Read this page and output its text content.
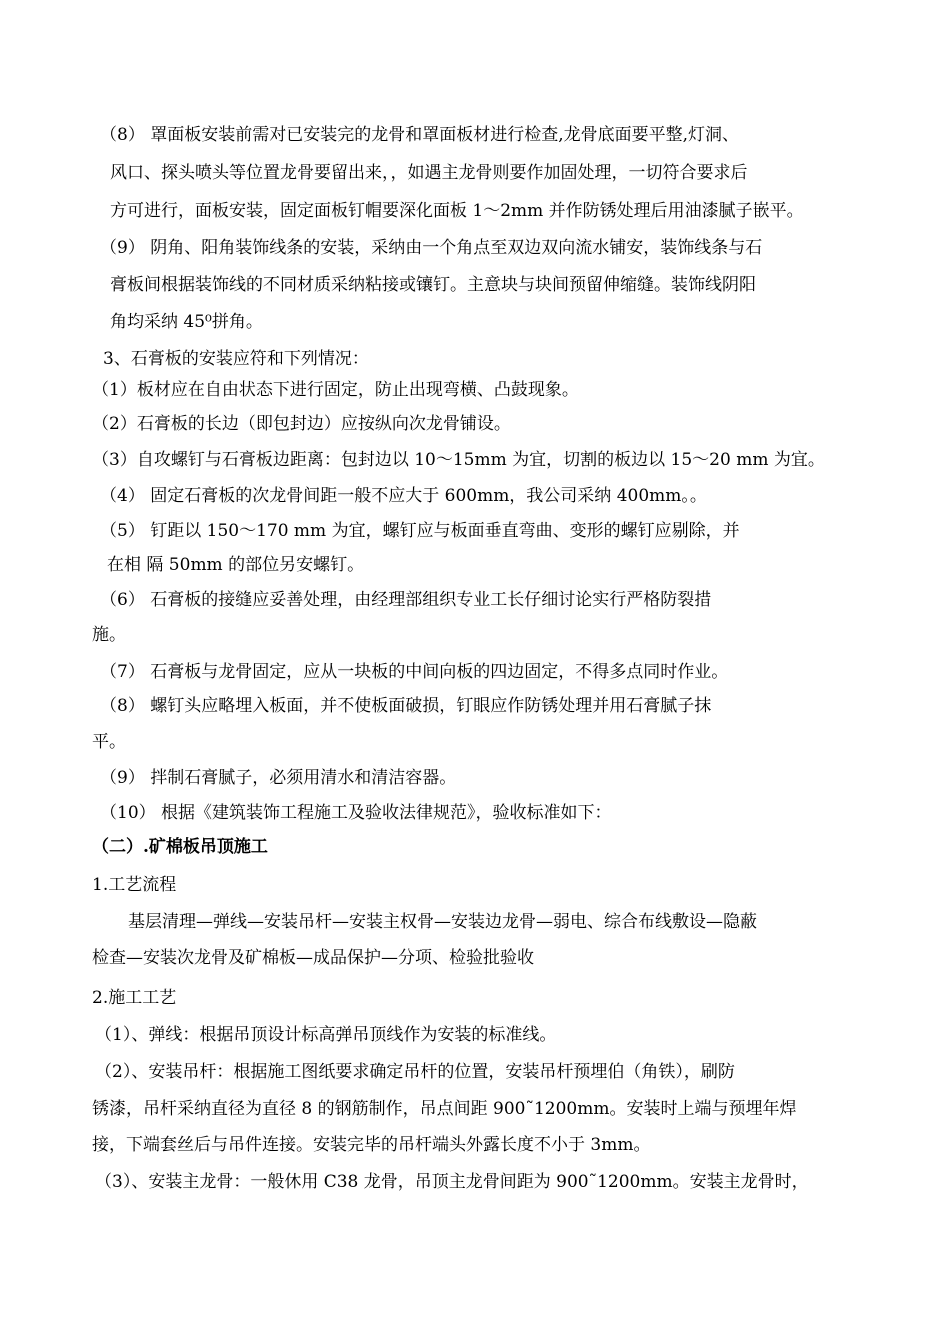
（8） 罩面板安装前需对已安装完的龙骨和罩面板材进行检查,龙骨底面要平整,灯洞、
风口、探头喷头等位置龙骨要留出来，，如遇主龙骨则要作加固处理，一切符合要求后
方可进行，面板安装，固定面板钉帽要深化面板 1～2mm 并作防锈处理后用油漆腻子嵌平。
（9） 阴角、阳角装饰线条的安装，采纳由一个角点至双边双向流水铺安，装饰线条与石
膏板间根据装饰线的不同材质采纳粘接或镶钉。主意块与块间预留伸缩缝。装饰线阴阳
角均采纳 45⁰拼角。
3、石膏板的安装应符和下列情况：
（1）板材应在自由状态下进行固定，防止出现弯横、凸鼓现象。
（2）石膏板的长边（即包封边）应按纵向次龙骨铺设。
（3）自攻螺钉与石膏板边距离：包封边以 10～15mm 为宜，切割的板边以 15～20 mm 为宜。
（4） 固定石膏板的次龙骨间距一般不应大于 600mm，我公司采纳 400mm。。
（5） 钉距以 150～170 mm 为宜，螺钉应与板面垂直弯曲、变形的螺钉应剔除，并
在相 隔 50mm 的部位另安螺钉。
（6） 石膏板的接缝应妥善处理，由经理部组织专业工长仔细讨论实行严格防裂措
施。
（7） 石膏板与龙骨固定，应从一块板的中间向板的四边固定，不得多点同时作业。
（8） 螺钉头应略埋入板面，并不使板面破损，钉眼应作防锈处理并用石膏腻子抹
平。
（9） 拌制石膏腻子，必须用清水和清洁容器。
（10） 根据《建筑装饰工程施工及验收法律规范》，验收标准如下：
（二）.矿棉板吊顶施工
1.工艺流程
基层清理—弹线—安装吊杆—安装主权骨—安装边龙骨—弱电、综合布线敷设—隐蔽
检查—安装次龙骨及矿棉板—成品保护—分项、检验批验收
2.施工工艺
（1）、弹线：根据吊顶设计标高弹吊顶线作为安装的标准线。
（2）、安装吊杆：根据施工图纸要求确定吊杆的位置，安装吊杆预埋伯（角铁），刷防
锈漆，吊杆采纳直径为直径 8 的钢筋制作，吊点间距 900˜1200mm。安装时上端与预埋年焊
接，下端套丝后与吊件连接。安装完毕的吊杆端头外露长度不小于 3mm。
（3）、安装主龙骨：一般休用 C38 龙骨，吊顶主龙骨间距为 900˜1200mm。安装主龙骨时，
